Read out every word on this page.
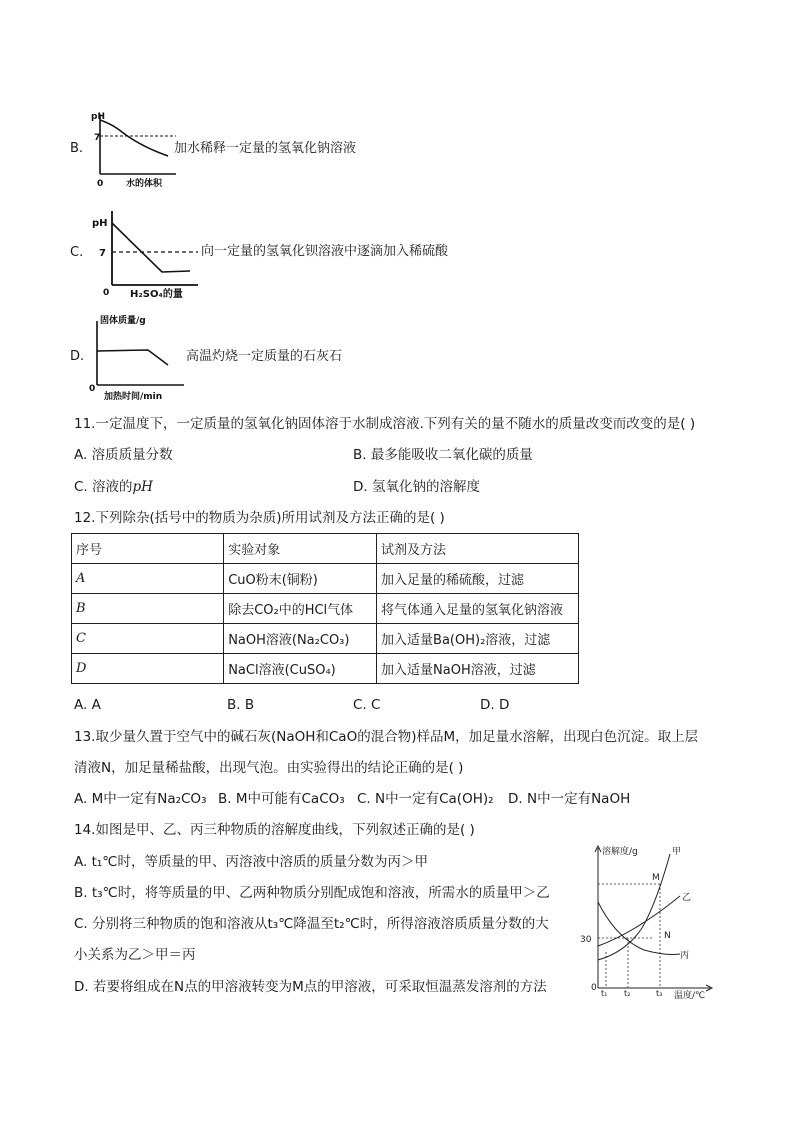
B.
pH
7
0	水的体积
加水稀释一定量的氢氧化钠溶液
C.
pH
7
0 H₂SO₄的量
向一定量的氢氧化钡溶液中逐滴加入稀硫酸
D.
固体质量/g
0
加热时间/min
高温灼烧一定质量的石灰石
11.一定温度下，一定质量的氢氧化钠固体溶于水制成溶液.下列有关的量不随水的质量改变而改变的是( )
A. 溶质质量分数	B. 最多能吸收二氧化碳的质量
C. 溶液的pH	D. 氢氧化钠的溶解度
12.下列除杂(括号中的物质为杂质)所用试剂及方法正确的是( )
序号	实验对象	试剂及方法
A	CuO粉末(铜粉)	加入足量的稀硫酸，过滤
B	除去CO₂中的HCl气体	将气体通入足量的氢氧化钠溶液
C	NaOH溶液(Na₂CO₃)	加入适量Ba(OH)₂溶液，过滤
D	NaCl溶液(CuSO₄)	加入适量NaOH溶液，过滤
A. A	B. B	C. C	D. D
13.取少量久置于空气中的碱石灰(NaOH和CaO的混合物)样品M，加足量水溶解，出现白色沉淀。取上层
清液N，加足量稀盐酸，出现气泡。由实验得出的结论正确的是( )
A. M中一定有Na₂CO₃ B. M中可能有CaCO₃ C. N中一定有Ca(OH)₂ D. N中一定有NaOH
14.如图是甲、乙、丙三种物质的溶解度曲线，下列叙述正确的是( )
A. t₁℃时，等质量的甲、丙溶液中溶质的质量分数为丙＞甲
B. t₃℃时，将等质量的甲、乙两种物质分别配成饱和溶液，所需水的质量甲＞乙
C. 分别将三种物质的饱和溶液从t₃℃降温至t₂℃时，所得溶液溶质质量分数的大
小关系为乙＞甲＝丙
D. 若要将组成在N点的甲溶液转变为M点的甲溶液，可采取恒温蒸发溶剂的方法
溶解度/g
温度/℃
0
30
t₁ t₂	t₃
甲
乙
丙
M
N
